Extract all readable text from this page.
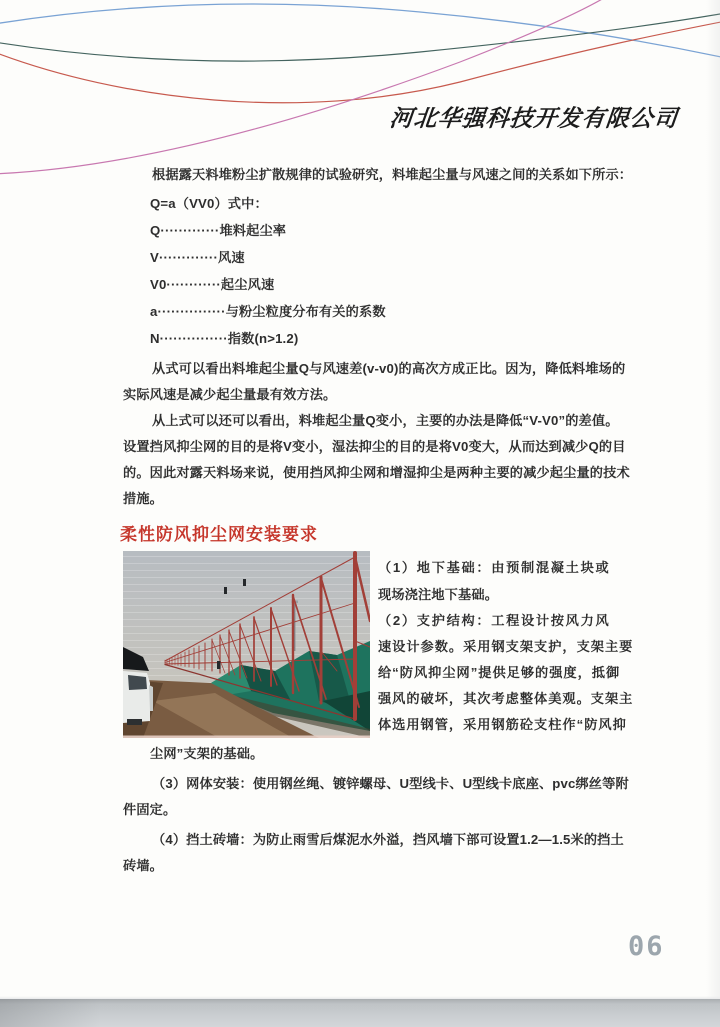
河北华强科技开发有限公司
根据露天料堆粉尘扩散规律的试验研究，料堆起尘量与风速之间的关系如下所示：
Q=a（VV0）式中：
Q·············堆料起尘率
V·············风速
V0············起尘风速
a···············与粉尘粒度分布有关的系数
N···············指数(n>1.2)
从式可以看出料堆起尘量Q与风速差(v-v0)的高次方成正比。因为，降低料堆场的
实际风速是减少起尘量最有效方法。
从上式可以还可以看出，料堆起尘量Q变小，主要的办法是降低“V-V0”的差值。
设置挡风抑尘网的目的是将V变小，湿法抑尘的目的是将V0变大，从而达到减少Q的目
的。因此对露天料场来说，使用挡风抑尘网和增湿抑尘是两种主要的减少起尘量的技术
措施。
柔性防风抑尘网安装要求
（1）地下基础：由预制混凝土块或
现场浇注地下基础。
（2）支护结构：工程设计按风力风
速设计参数。采用钢支架支护，支架主要
给“防风抑尘网”提供足够的强度，抵御
强风的破坏，其次考虑整体美观。支架主
体选用钢管，采用钢筋砼支柱作“防风抑
尘网”支架的基础。
（3）网体安装：使用钢丝绳、镀锌螺母、U型线卡、U型线卡底座、pvc绑丝等附
件固定。
（4）挡土砖墙：为防止雨雪后煤泥水外溢，挡风墙下部可设置1.2—1.5米的挡土
砖墙。
06
